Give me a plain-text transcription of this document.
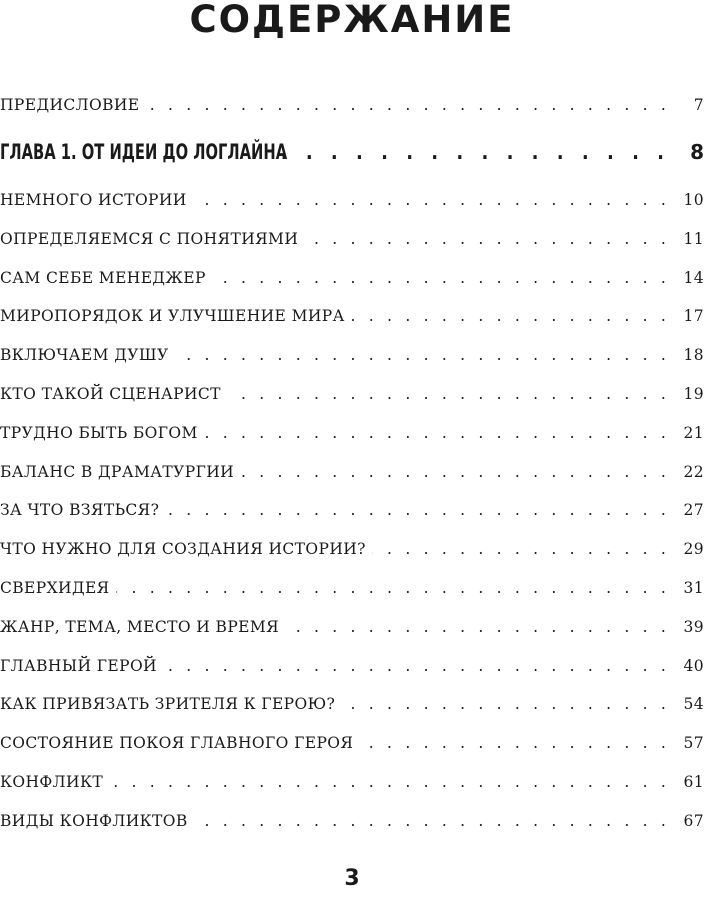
СОДЕРЖАНИЕ
ПРЕДИСЛОВИЕ . . .	7
ГЛАВА 1. ОТ ИДЕИ ДО ЛОГЛАЙНА . . .	8
НЕМНОГО ИСТОРИИ . . .	10
ОПРЕДЕЛЯЕМСЯ С ПОНЯТИЯМИ . . .	11
САМ СЕБЕ МЕНЕДЖЕР . . .	14
МИРОПОРЯДОК И УЛУЧШЕНИЕ МИРА . . .	17
ВКЛЮЧАЕМ ДУШУ . . .	18
КТО ТАКОЙ СЦЕНАРИСТ . . .	19
ТРУДНО БЫТЬ БОГОМ . . .	21
БАЛАНС В ДРАМАТУРГИИ . . .	22
ЗА ЧТО ВЗЯТЬСЯ? . . .	27
ЧТО НУЖНО ДЛЯ СОЗДАНИЯ ИСТОРИИ? . . .	29
СВЕРХИДЕЯ . . .	31
ЖАНР, ТЕМА, МЕСТО И ВРЕМЯ . . .	39
ГЛАВНЫЙ ГЕРОЙ . . .	40
КАК ПРИВЯЗАТЬ ЗРИТЕЛЯ К ГЕРОЮ? . . .	54
СОСТОЯНИЕ ПОКОЯ ГЛАВНОГО ГЕРОЯ . . .	57
КОНФЛИКТ . . .	61
ВИДЫ КОНФЛИКТОВ . . .	67
3
